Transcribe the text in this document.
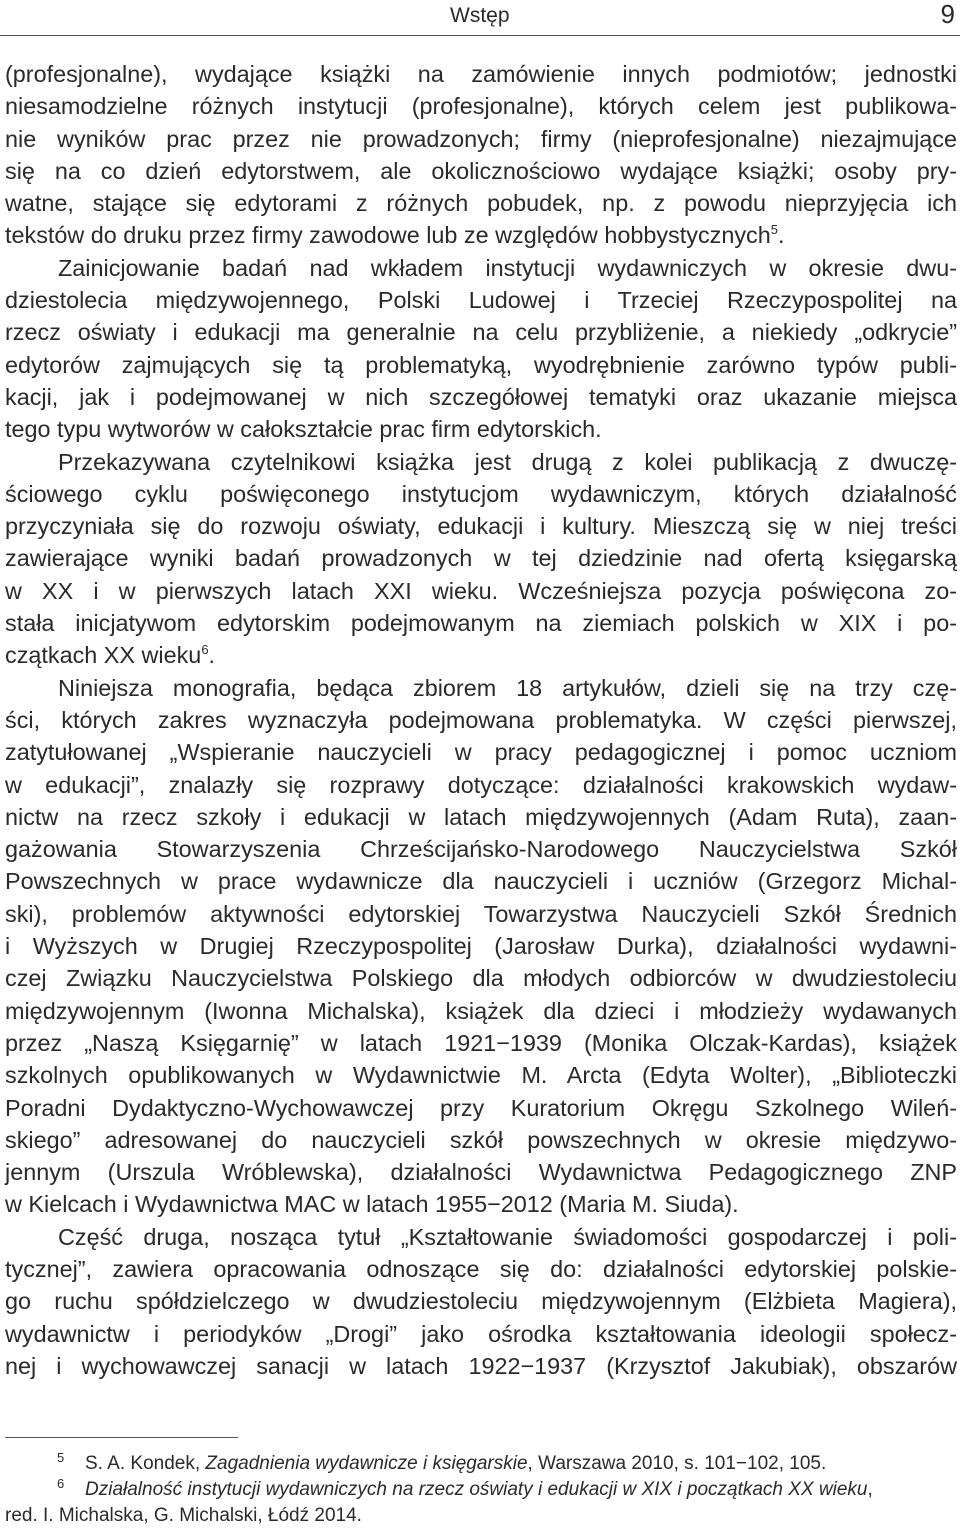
Wstęp	9
(profesjonalne), wydające książki na zamówienie innych podmiotów; jednostki
niesamodzielne różnych instytucji (profesjonalne), których celem jest publikowa-
nie wyników prac przez nie prowadzonych; firmy (nieprofesjonalne) niezajmujące
się na co dzień edytorstwem, ale okolicznościowo wydające książki; osoby pry-
watne, stające się edytorami z różnych pobudek, np. z powodu nieprzyjęcia ich
tekstów do druku przez firmy zawodowe lub ze względów hobbystycznych$^5$.
Zainicjowanie badań nad wkładem instytucji wydawniczych w okresie dwu-
dziestolecia międzywojennego, Polski Ludowej i Trzeciej Rzeczypospolitej na
rzecz oświaty i edukacji ma generalnie na celu przybliżenie, a niekiedy „odkrycie”
edytorów zajmujących się tą problematyką, wyodrębnienie zarówno typów publi-
kacji, jak i podejmowanej w nich szczegółowej tematyki oraz ukazanie miejsca
tego typu wytworów w całokształcie prac firm edytorskich.
Przekazywana czytelnikowi książka jest drugą z kolei publikacją z dwuczę-
ściowego cyklu poświęconego instytucjom wydawniczym, których działalność
przyczyniała się do rozwoju oświaty, edukacji i kultury. Mieszczą się w niej treści
zawierające wyniki badań prowadzonych w tej dziedzinie nad ofertą księgarską
w XX i w pierwszych latach XXI wieku. Wcześniejsza pozycja poświęcona zo-
stała inicjatywom edytorskim podejmowanym na ziemiach polskich w XIX i po-
czątkach XX wieku$^6$.
Niniejsza monografia, będąca zbiorem 18 artykułów, dzieli się na trzy czę-
ści, których zakres wyznaczyła podejmowana problematyka. W części pierwszej,
zatytułowanej „Wspieranie nauczycieli w pracy pedagogicznej i pomoc uczniom
w edukacji”, znalazły się rozprawy dotyczące: działalności krakowskich wydaw-
nictw na rzecz szkoły i edukacji w latach międzywojennych (Adam Ruta), zaan-
gażowania Stowarzyszenia Chrześcijańsko-Narodowego Nauczycielstwa Szkół
Powszechnych w prace wydawnicze dla nauczycieli i uczniów (Grzegorz Michal-
ski), problemów aktywności edytorskiej Towarzystwa Nauczycieli Szkół Średnich
i Wyższych w Drugiej Rzeczypospolitej (Jarosław Durka), działalności wydawni-
czej Związku Nauczycielstwa Polskiego dla młodych odbiorców w dwudziestoleciu
międzywojennym (Iwonna Michalska), książek dla dzieci i młodzieży wydawanych
przez „Naszą Księgarnię” w latach 1921−1939 (Monika Olczak-Kardas), książek
szkolnych opublikowanych w Wydawnictwie M. Arcta (Edyta Wolter), „Biblioteczki
Poradni Dydaktyczno-Wychowawczej przy Kuratorium Okręgu Szkolnego Wileń-
skiego” adresowanej do nauczycieli szkół powszechnych w okresie międzywo-
jennym (Urszula Wróblewska), działalności Wydawnictwa Pedagogicznego ZNP
w Kielcach i Wydawnictwa MAC w latach 1955−2012 (Maria M. Siuda).
Część druga, nosząca tytuł „Kształtowanie świadomości gospodarczej i poli-
tycznej”, zawiera opracowania odnoszące się do: działalności edytorskiej polskie-
go ruchu spółdzielczego w dwudziestoleciu międzywojennym (Elżbieta Magiera),
wydawnictw i periodyków „Drogi” jako ośrodka kształtowania ideologii społecz-
nej i wychowawczej sanacji w latach 1922−1937 (Krzysztof Jakubiak), obszarów
5 S. A. Kondek, Zagadnienia wydawnicze i księgarskie, Warszawa 2010, s. 101−102, 105.
6 Działalność instytucji wydawniczych na rzecz oświaty i edukacji w XIX i początkach XX wieku,
red. I. Michalska, G. Michalski, Łódź 2014.
